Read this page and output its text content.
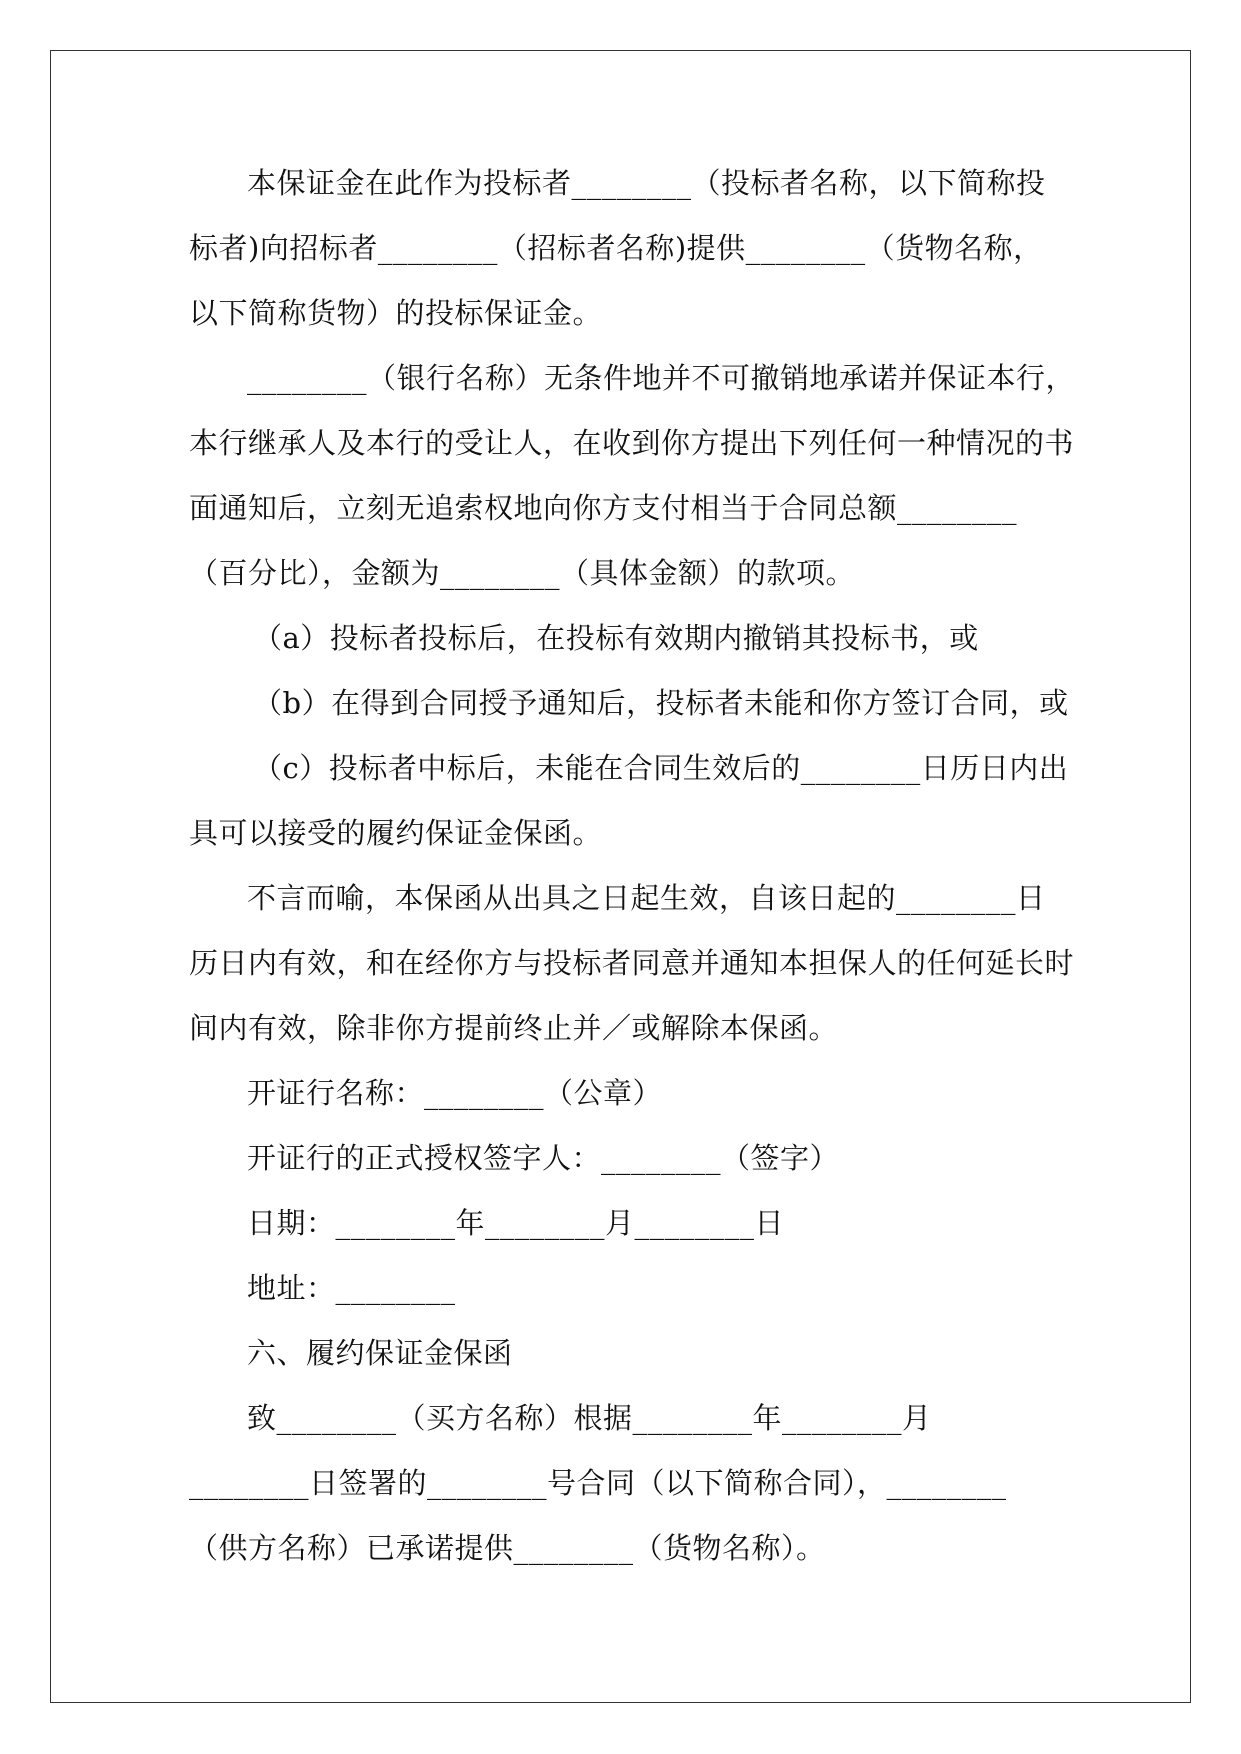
本保证金在此作为投标者________（投标者名称，以下简称投
标者)向招标者________（招标者名称)提供________（货物名称，
以下简称货物）的投标保证金。
________（银行名称）无条件地并不可撤销地承诺并保证本行，
本行继承人及本行的受让人，在收到你方提出下列任何一种情况的书
面通知后，立刻无追索权地向你方支付相当于合同总额________
（百分比），金额为________（具体金额）的款项。
（a）投标者投标后，在投标有效期内撤销其投标书，或
（b）在得到合同授予通知后，投标者未能和你方签订合同，或
（c）投标者中标后，未能在合同生效后的________日历日内出
具可以接受的履约保证金保函。
不言而喻，本保函从出具之日起生效，自该日起的________日
历日内有效，和在经你方与投标者同意并通知本担保人的任何延长时
间内有效，除非你方提前终止并／或解除本保函。
开证行名称：________（公章）
开证行的正式授权签字人：________（签字）
日期：________年________月________日
地址：________
六、履约保证金保函
致________（买方名称）根据________年________月
________日签署的________号合同（以下简称合同），________
（供方名称）已承诺提供________（货物名称）。
